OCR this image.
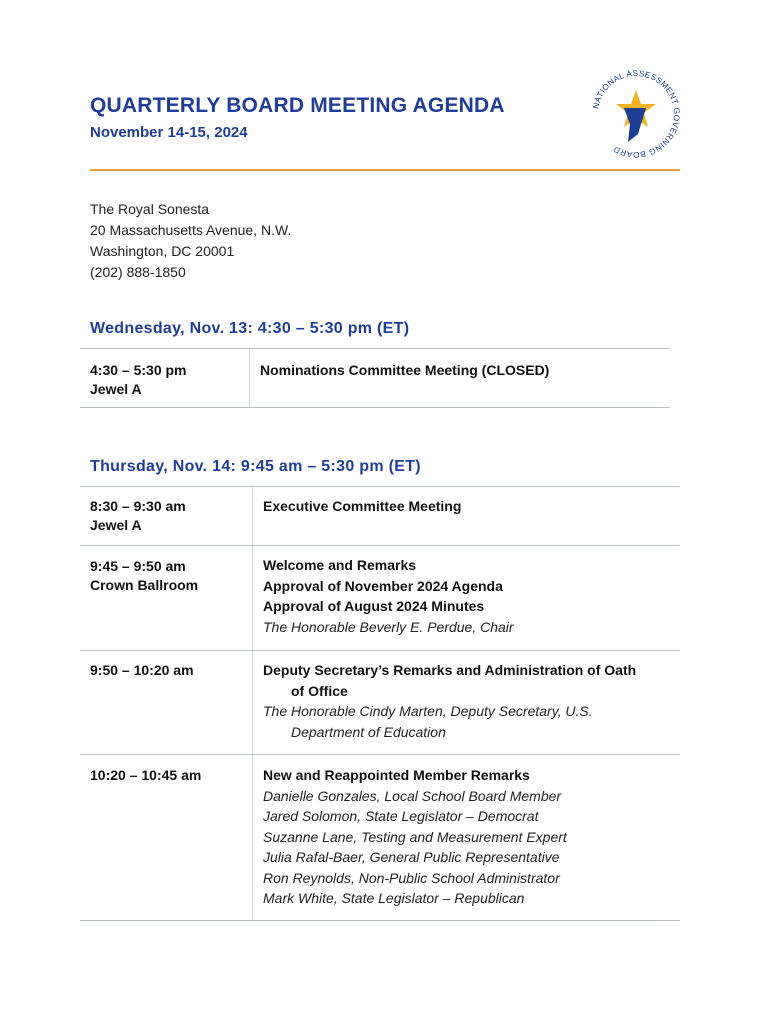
QUARTERLY BOARD MEETING AGENDA
November 14-15, 2024
NATIONAL ASSESSMENT GOVERNING BOARD
The Royal Sonesta
20 Massachusetts Avenue, N.W.
Washington, DC 20001
(202) 888-1850
Wednesday, Nov. 13: 4:30 – 5:30 pm (ET)
4:30 – 5:30 pm
Jewel A
Nominations Committee Meeting (CLOSED)
Thursday, Nov. 14: 9:45 am – 5:30 pm (ET)
8:30 – 9:30 am
Jewel A
Executive Committee Meeting
9:45 – 9:50 am
Crown Ballroom
Welcome and Remarks
Approval of November 2024 Agenda
Approval of August 2024 Minutes
The Honorable Beverly E. Perdue, Chair
9:50 – 10:20 am	Deputy Secretary’s Remarks and Administration of Oath
of Office
The Honorable Cindy Marten, Deputy Secretary, U.S.
Department of Education
10:20 – 10:45 am	New and Reappointed Member Remarks
Danielle Gonzales, Local School Board Member
Jared Solomon, State Legislator – Democrat
Suzanne Lane, Testing and Measurement Expert
Julia Rafal-Baer, General Public Representative
Ron Reynolds, Non-Public School Administrator
Mark White, State Legislator – Republican
